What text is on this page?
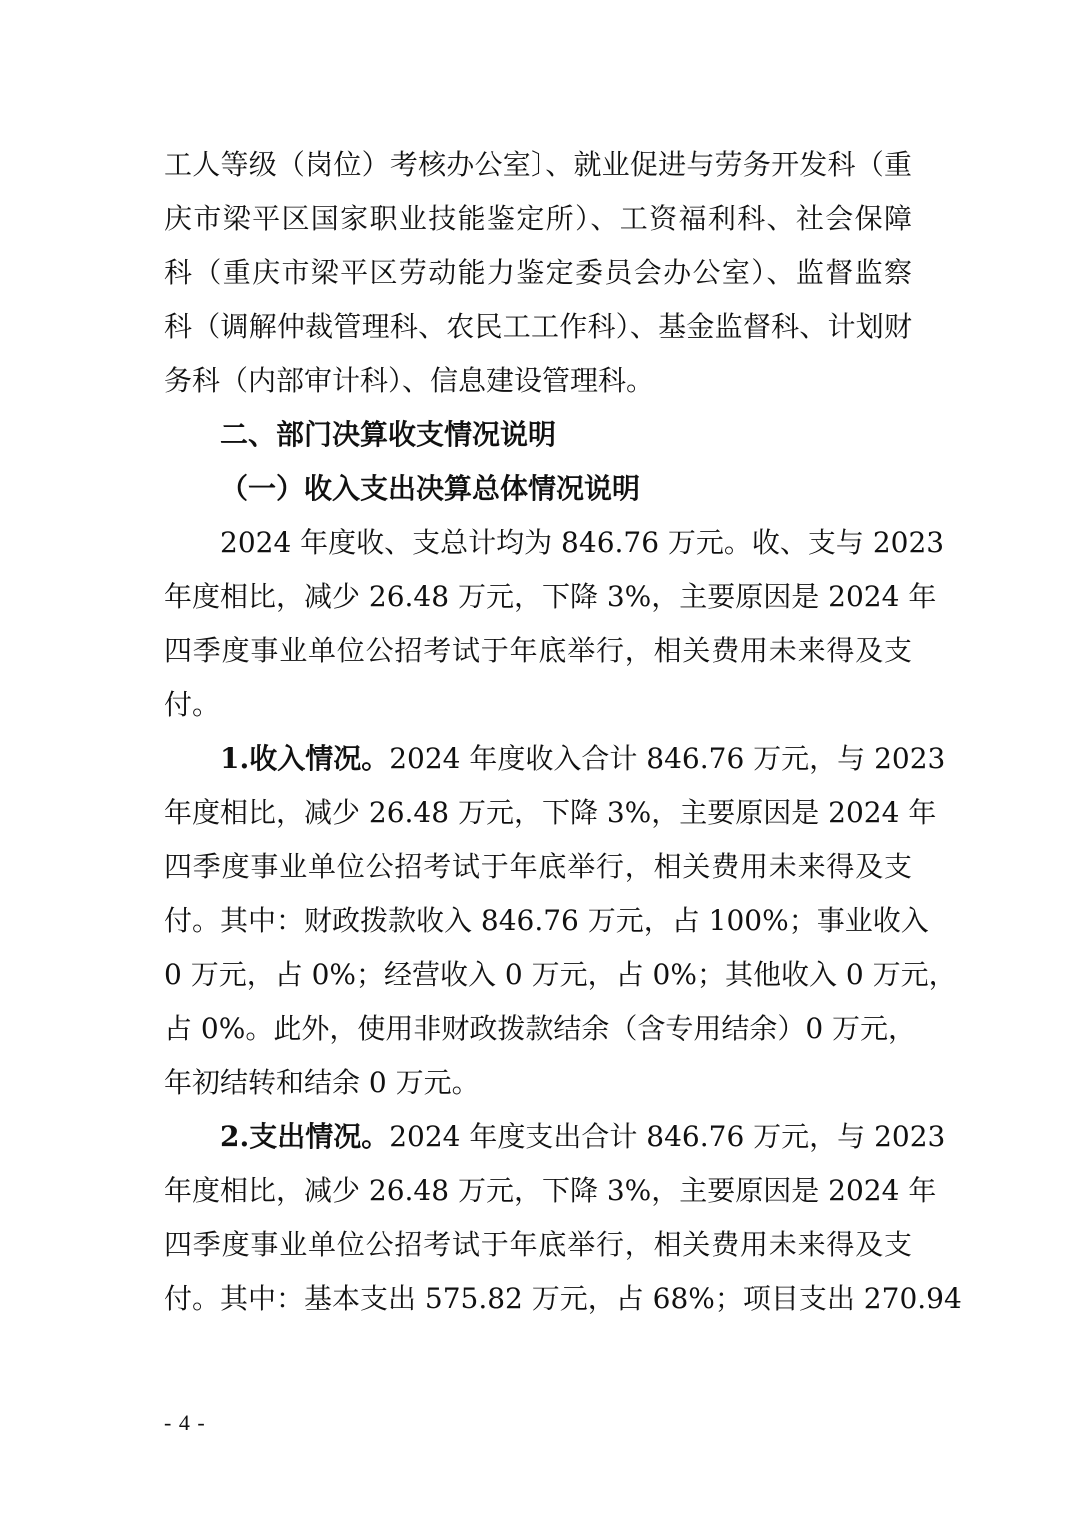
工人等级（岗位）考核办公室〕、就业促进与劳务开发科（重
庆市梁平区国家职业技能鉴定所）、工资福利科、社会保障
科（重庆市梁平区劳动能力鉴定委员会办公室）、监督监察
科（调解仲裁管理科、农民工工作科）、基金监督科、计划财
务科（内部审计科）、信息建设管理科。
二、部门决算收支情况说明
（一）收入支出决算总体情况说明
2024 年度收、支总计均为 846.76 万元。收、支与 2023
年度相比，减少 26.48 万元，下降 3%，主要原因是 2024 年
四季度事业单位公招考试于年底举行，相关费用未来得及支
付。
1.收入情况。2024 年度收入合计 846.76 万元，与 2023
年度相比，减少 26.48 万元，下降 3%，主要原因是 2024 年
四季度事业单位公招考试于年底举行，相关费用未来得及支
付。其中：财政拨款收入 846.76 万元，占 100%；事业收入
0 万元，占 0%；经营收入 0 万元，占 0%；其他收入 0 万元，
占 0%。此外，使用非财政拨款结余（含专用结余）0 万元，
年初结转和结余 0 万元。
2.支出情况。2024 年度支出合计 846.76 万元，与 2023
年度相比，减少 26.48 万元，下降 3%，主要原因是 2024 年
四季度事业单位公招考试于年底举行，相关费用未来得及支
付。其中：基本支出 575.82 万元，占 68%；项目支出 270.94
- 4 -
